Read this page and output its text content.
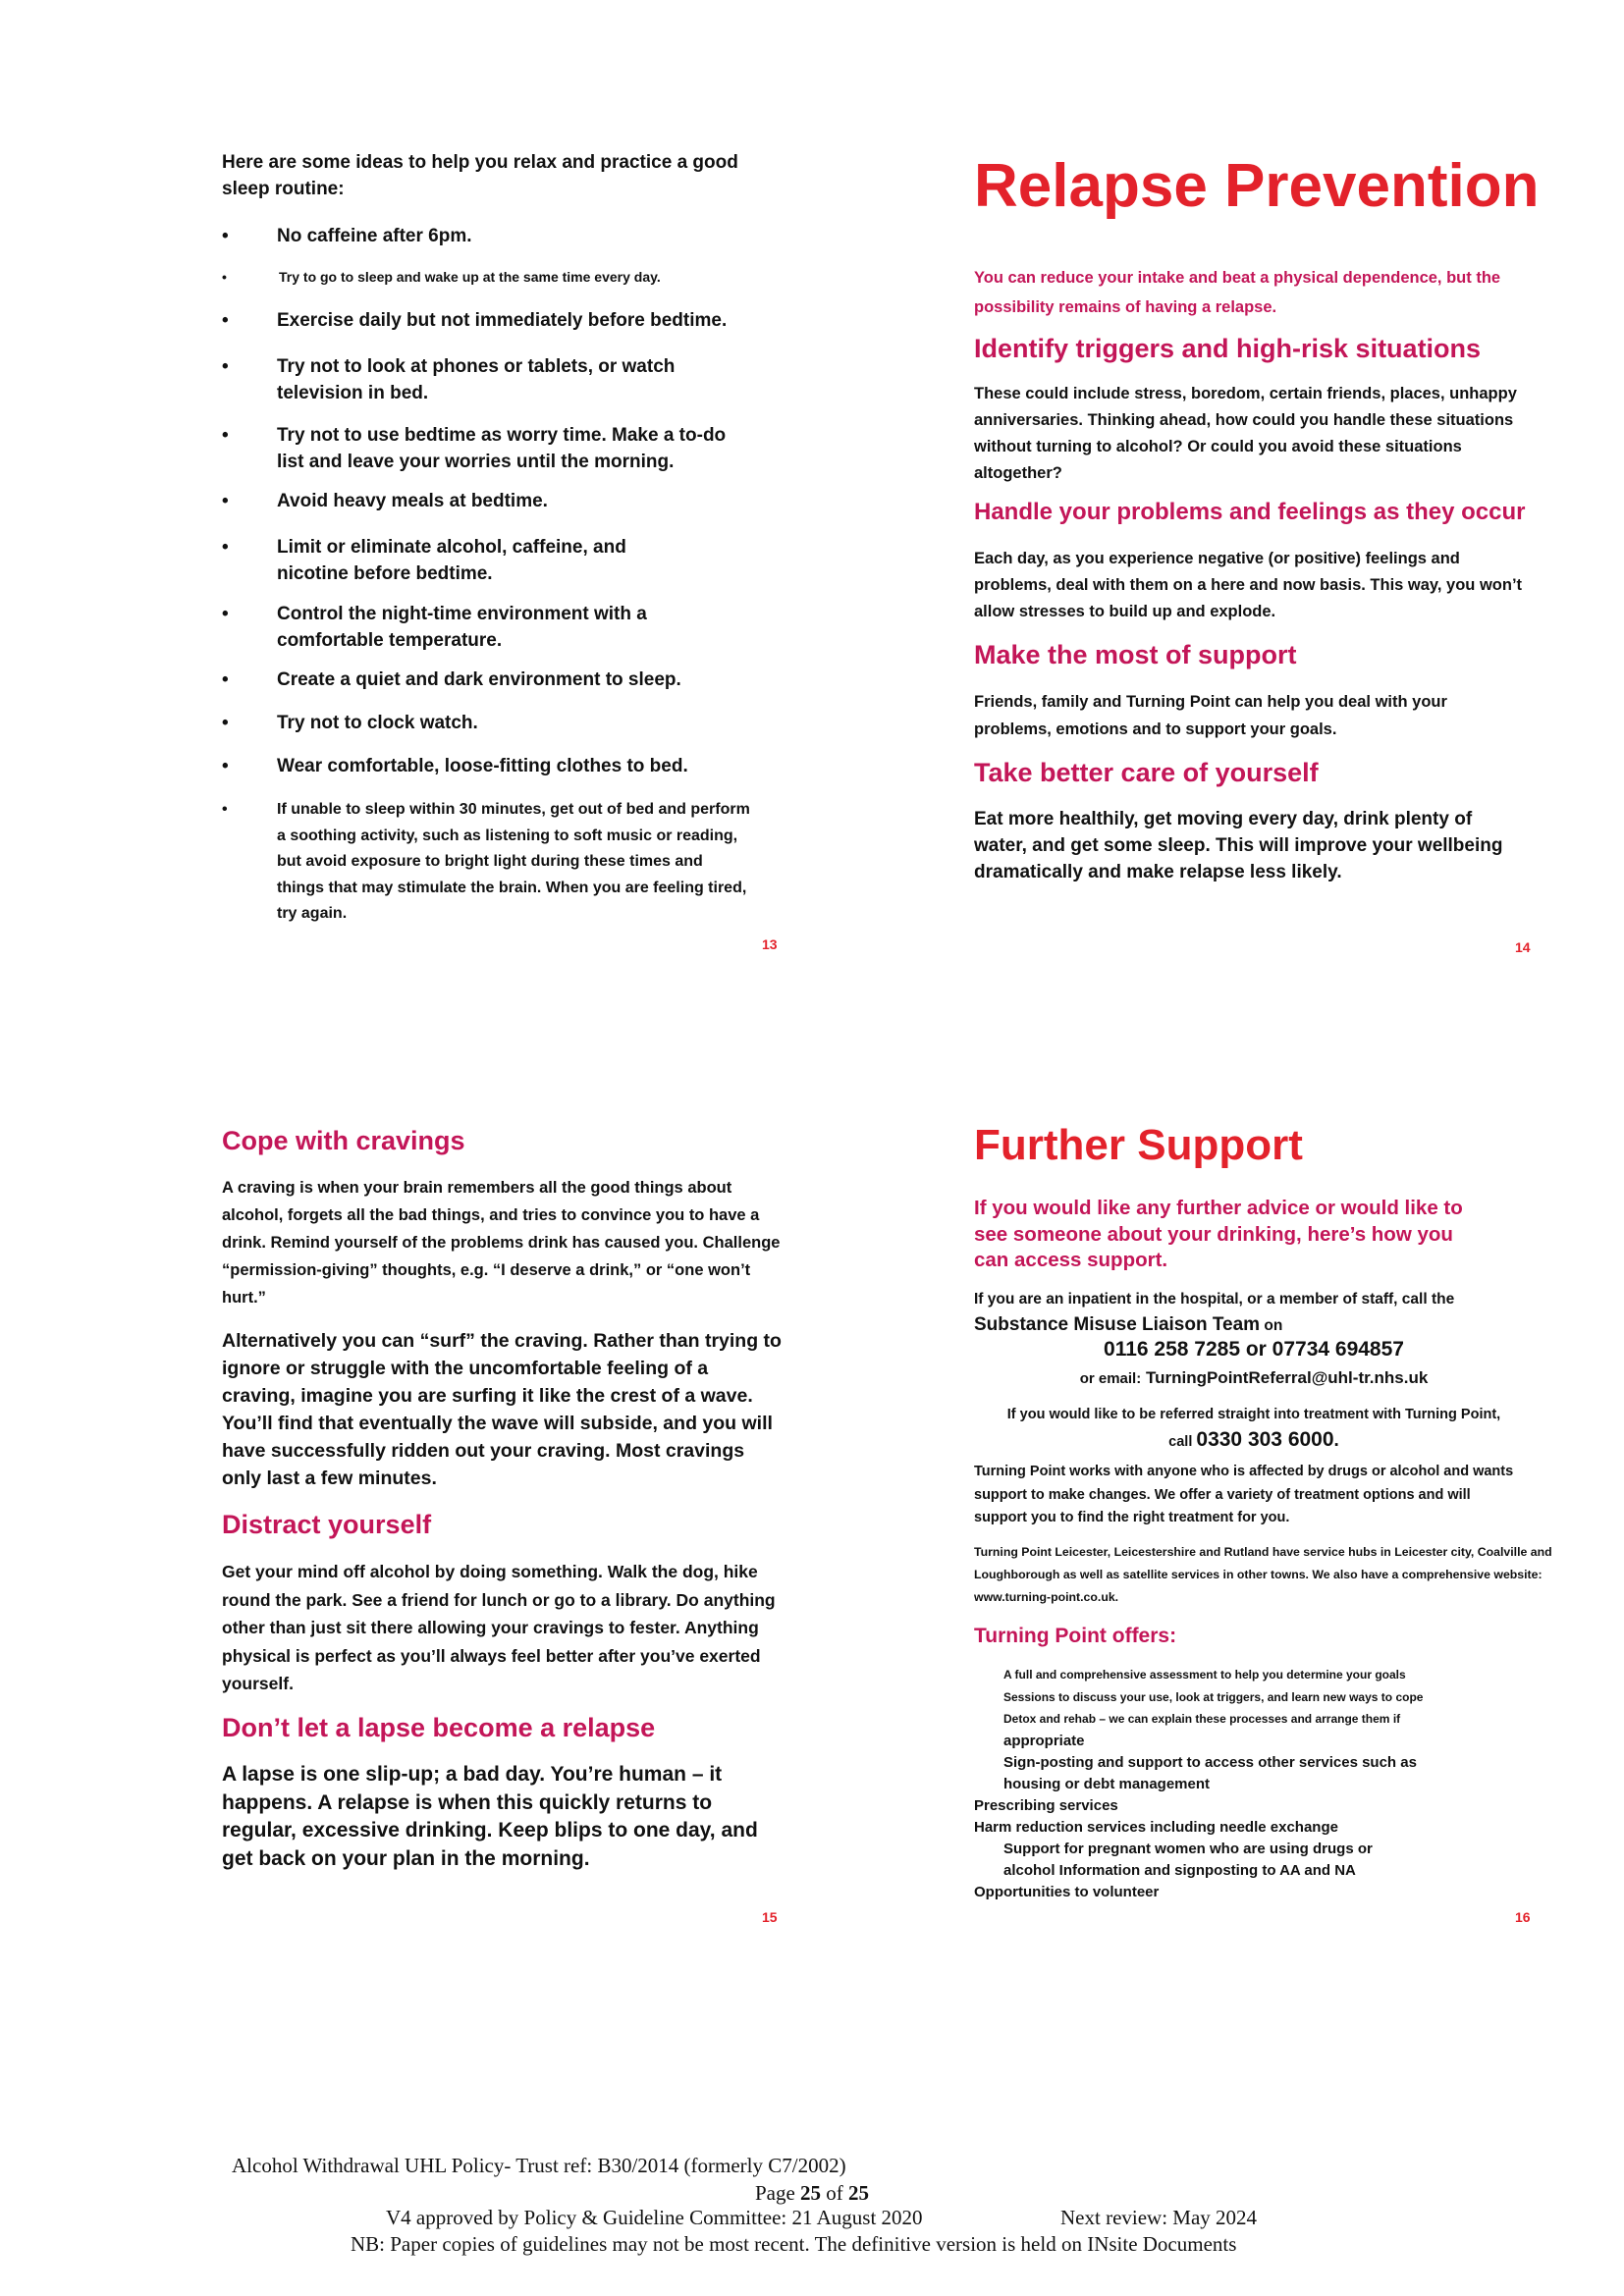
Here are some ideas to help you relax and practice a good sleep routine:
•	No caffeine after 6pm.
•	Try to go to sleep and wake up at the same time every day.
•	Exercise daily but not immediately before bedtime.
•	Try not to look at phones or tablets, or watch television in bed.
•	Try not to use bedtime as worry time. Make a to-do list and leave your worries until the morning.
•	Avoid heavy meals at bedtime.
•	Limit or eliminate alcohol, caffeine, and nicotine before bedtime.
•	Control the night-time environment with a comfortable temperature.
•	Create a quiet and dark environment to sleep.
•	Try not to clock watch.
•	Wear comfortable, loose-fitting clothes to bed.
•	If unable to sleep within 30 minutes, get out of bed and perform a soothing activity, such as listening to soft music or reading, but avoid exposure to bright light during these times and things that may stimulate the brain. When you are feeling tired, try again.
13
Relapse Prevention
You can reduce your intake and beat a physical dependence, but the possibility remains of having a relapse.
Identify triggers and high-risk situations
These could include stress, boredom, certain friends, places, unhappy anniversaries. Thinking ahead, how could you handle these situations without turning to alcohol? Or could you avoid these situations altogether?
Handle your problems and feelings as they occur
Each day, as you experience negative (or positive) feelings and problems, deal with them on a here and now basis. This way, you won’t allow stresses to build up and explode.
Make the most of support
Friends, family and Turning Point can help you deal with your problems, emotions and to support your goals.
Take better care of yourself
Eat more healthily, get moving every day, drink plenty of water, and get some sleep. This will improve your wellbeing dramatically and make relapse less likely.
14
Cope with cravings
A craving is when your brain remembers all the good things about alcohol, forgets all the bad things, and tries to convince you to have a drink. Remind yourself of the problems drink has caused you. Challenge “permission-giving” thoughts, e.g. “I deserve a drink,” or “one won’t hurt.”
Alternatively you can “surf” the craving. Rather than trying to ignore or struggle with the uncomfortable feeling of a craving, imagine you are surfing it like the crest of a wave. You’ll find that eventually the wave will subside, and you will have successfully ridden out your craving. Most cravings only last a few minutes.
Distract yourself
Get your mind off alcohol by doing something. Walk the dog, hike round the park. See a friend for lunch or go to a library. Do anything other than just sit there allowing your cravings to fester. Anything physical is perfect as you’ll always feel better after you’ve exerted yourself.
Don’t let a lapse become a relapse
A lapse is one slip-up; a bad day. You’re human – it happens. A relapse is when this quickly returns to regular, excessive drinking. Keep blips to one day, and get back on your plan in the morning.
15
Further Support
If you would like any further advice or would like to see someone about your drinking, here’s how you can access support.
If you are an inpatient in the hospital, or a member of staff, call the Substance Misuse Liaison Team on
0116 258 7285 or 07734 694857
or email: TurningPointReferral@uhl-tr.nhs.uk
If you would like to be referred straight into treatment with Turning Point,
call 0330 303 6000.
Turning Point works with anyone who is affected by drugs or alcohol and wants support to make changes. We offer a variety of treatment options and will support you to find the right treatment for you.
Turning Point Leicester, Leicestershire and Rutland have service hubs in Leicester city, Coalville and Loughborough as well as satellite services in other towns. We also have a comprehensive website: www.turning-point.co.uk.
Turning Point offers:
A full and comprehensive assessment to help you determine your goals
Sessions to discuss your use, look at triggers, and learn new ways to cope
Detox and rehab – we can explain these processes and arrange them if
appropriate
Sign-posting and support to access other services such as
housing or debt management
Prescribing services
Harm reduction services including needle exchange
Support for pregnant women who are using drugs or
alcohol Information and signposting to AA and NA
Opportunities to volunteer
16
Alcohol Withdrawal UHL Policy- Trust ref: B30/2014 (formerly C7/2002)
Page 25 of 25
V4 approved by Policy & Guideline Committee: 21 August 2020	Next review: May 2024
NB: Paper copies of guidelines may not be most recent. The definitive version is held on INsite Documents
